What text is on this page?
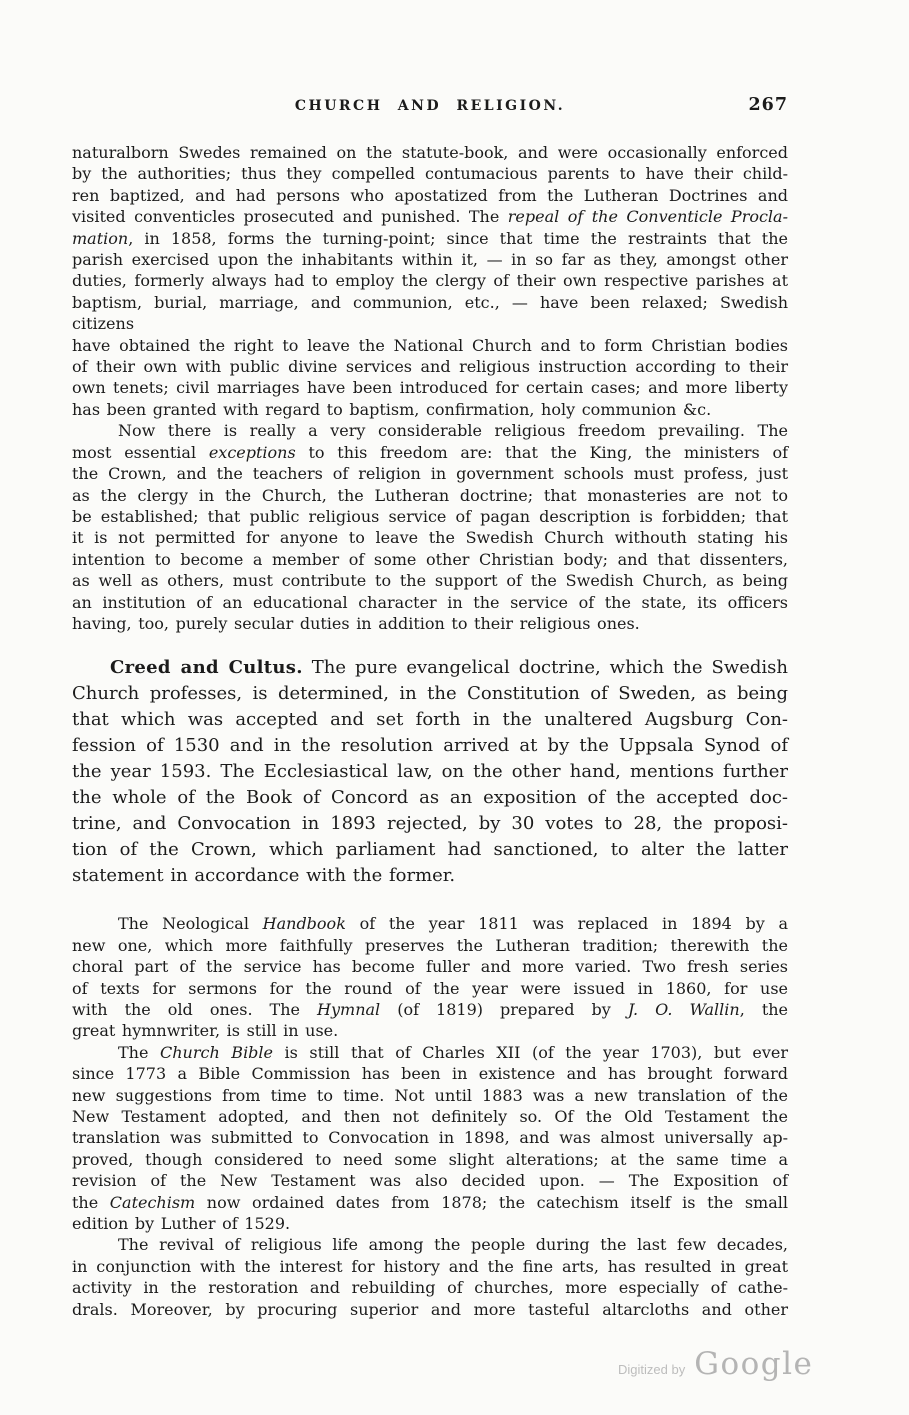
CHURCH AND RELIGION.	267
naturalborn Swedes remained on the statute-book, and were occasionally enforced
by the authorities; thus they compelled contumacious parents to have their child-
ren baptized, and had persons who apostatized from the Lutheran Doctrines and
visited conventicles prosecuted and punished. The repeal of the Conventicle Procla-
mation, in 1858, forms the turning-point; since that time the restraints that the
parish exercised upon the inhabitants within it, — in so far as they, amongst other
duties, formerly always had to employ the clergy of their own respective parishes at
baptism, burial, marriage, and communion, etc., — have been relaxed; Swedish citizens
have obtained the right to leave the National Church and to form Christian bodies
of their own with public divine services and religious instruction according to their
own tenets; civil marriages have been introduced for certain cases; and more liberty
has been granted with regard to baptism, confirmation, holy communion &c.
Now there is really a very considerable religious freedom prevailing. The
most essential exceptions to this freedom are: that the King, the ministers of
the Crown, and the teachers of religion in government schools must profess, just
as the clergy in the Church, the Lutheran doctrine; that monasteries are not to
be established; that public religious service of pagan description is forbidden; that
it is not permitted for anyone to leave the Swedish Church withouth stating his
intention to become a member of some other Christian body; and that dissenters,
as well as others, must contribute to the support of the Swedish Church, as being
an institution of an educational character in the service of the state, its officers
having, too, purely secular duties in addition to their religious ones.
Creed and Cultus. The pure evangelical doctrine, which the Swedish
Church professes, is determined, in the Constitution of Sweden, as being
that which was accepted and set forth in the unaltered Augsburg Con-
fession of 1530 and in the resolution arrived at by the Uppsala Synod of
the year 1593. The Ecclesiastical law, on the other hand, mentions further
the whole of the Book of Concord as an exposition of the accepted doc-
trine, and Convocation in 1893 rejected, by 30 votes to 28, the proposi-
tion of the Crown, which parliament had sanctioned, to alter the latter
statement in accordance with the former.
The Neological Handbook of the year 1811 was replaced in 1894 by a
new one, which more faithfully preserves the Lutheran tradition; therewith the
choral part of the service has become fuller and more varied. Two fresh series
of texts for sermons for the round of the year were issued in 1860, for use
with the old ones. The Hymnal (of 1819) prepared by J. O. Wallin, the
great hymnwriter, is still in use.
The Church Bible is still that of Charles XII (of the year 1703), but ever
since 1773 a Bible Commission has been in existence and has brought forward
new suggestions from time to time. Not until 1883 was a new translation of the
New Testament adopted, and then not definitely so. Of the Old Testament the
translation was submitted to Convocation in 1898, and was almost universally ap-
proved, though considered to need some slight alterations; at the same time a
revision of the New Testament was also decided upon. — The Exposition of
the Catechism now ordained dates from 1878; the catechism itself is the small
edition by Luther of 1529.
The revival of religious life among the people during the last few decades,
in conjunction with the interest for history and the fine arts, has resulted in great
activity in the restoration and rebuilding of churches, more especially of cathe-
drals. Moreover, by procuring superior and more tasteful altarcloths and other
Digitized by Google
